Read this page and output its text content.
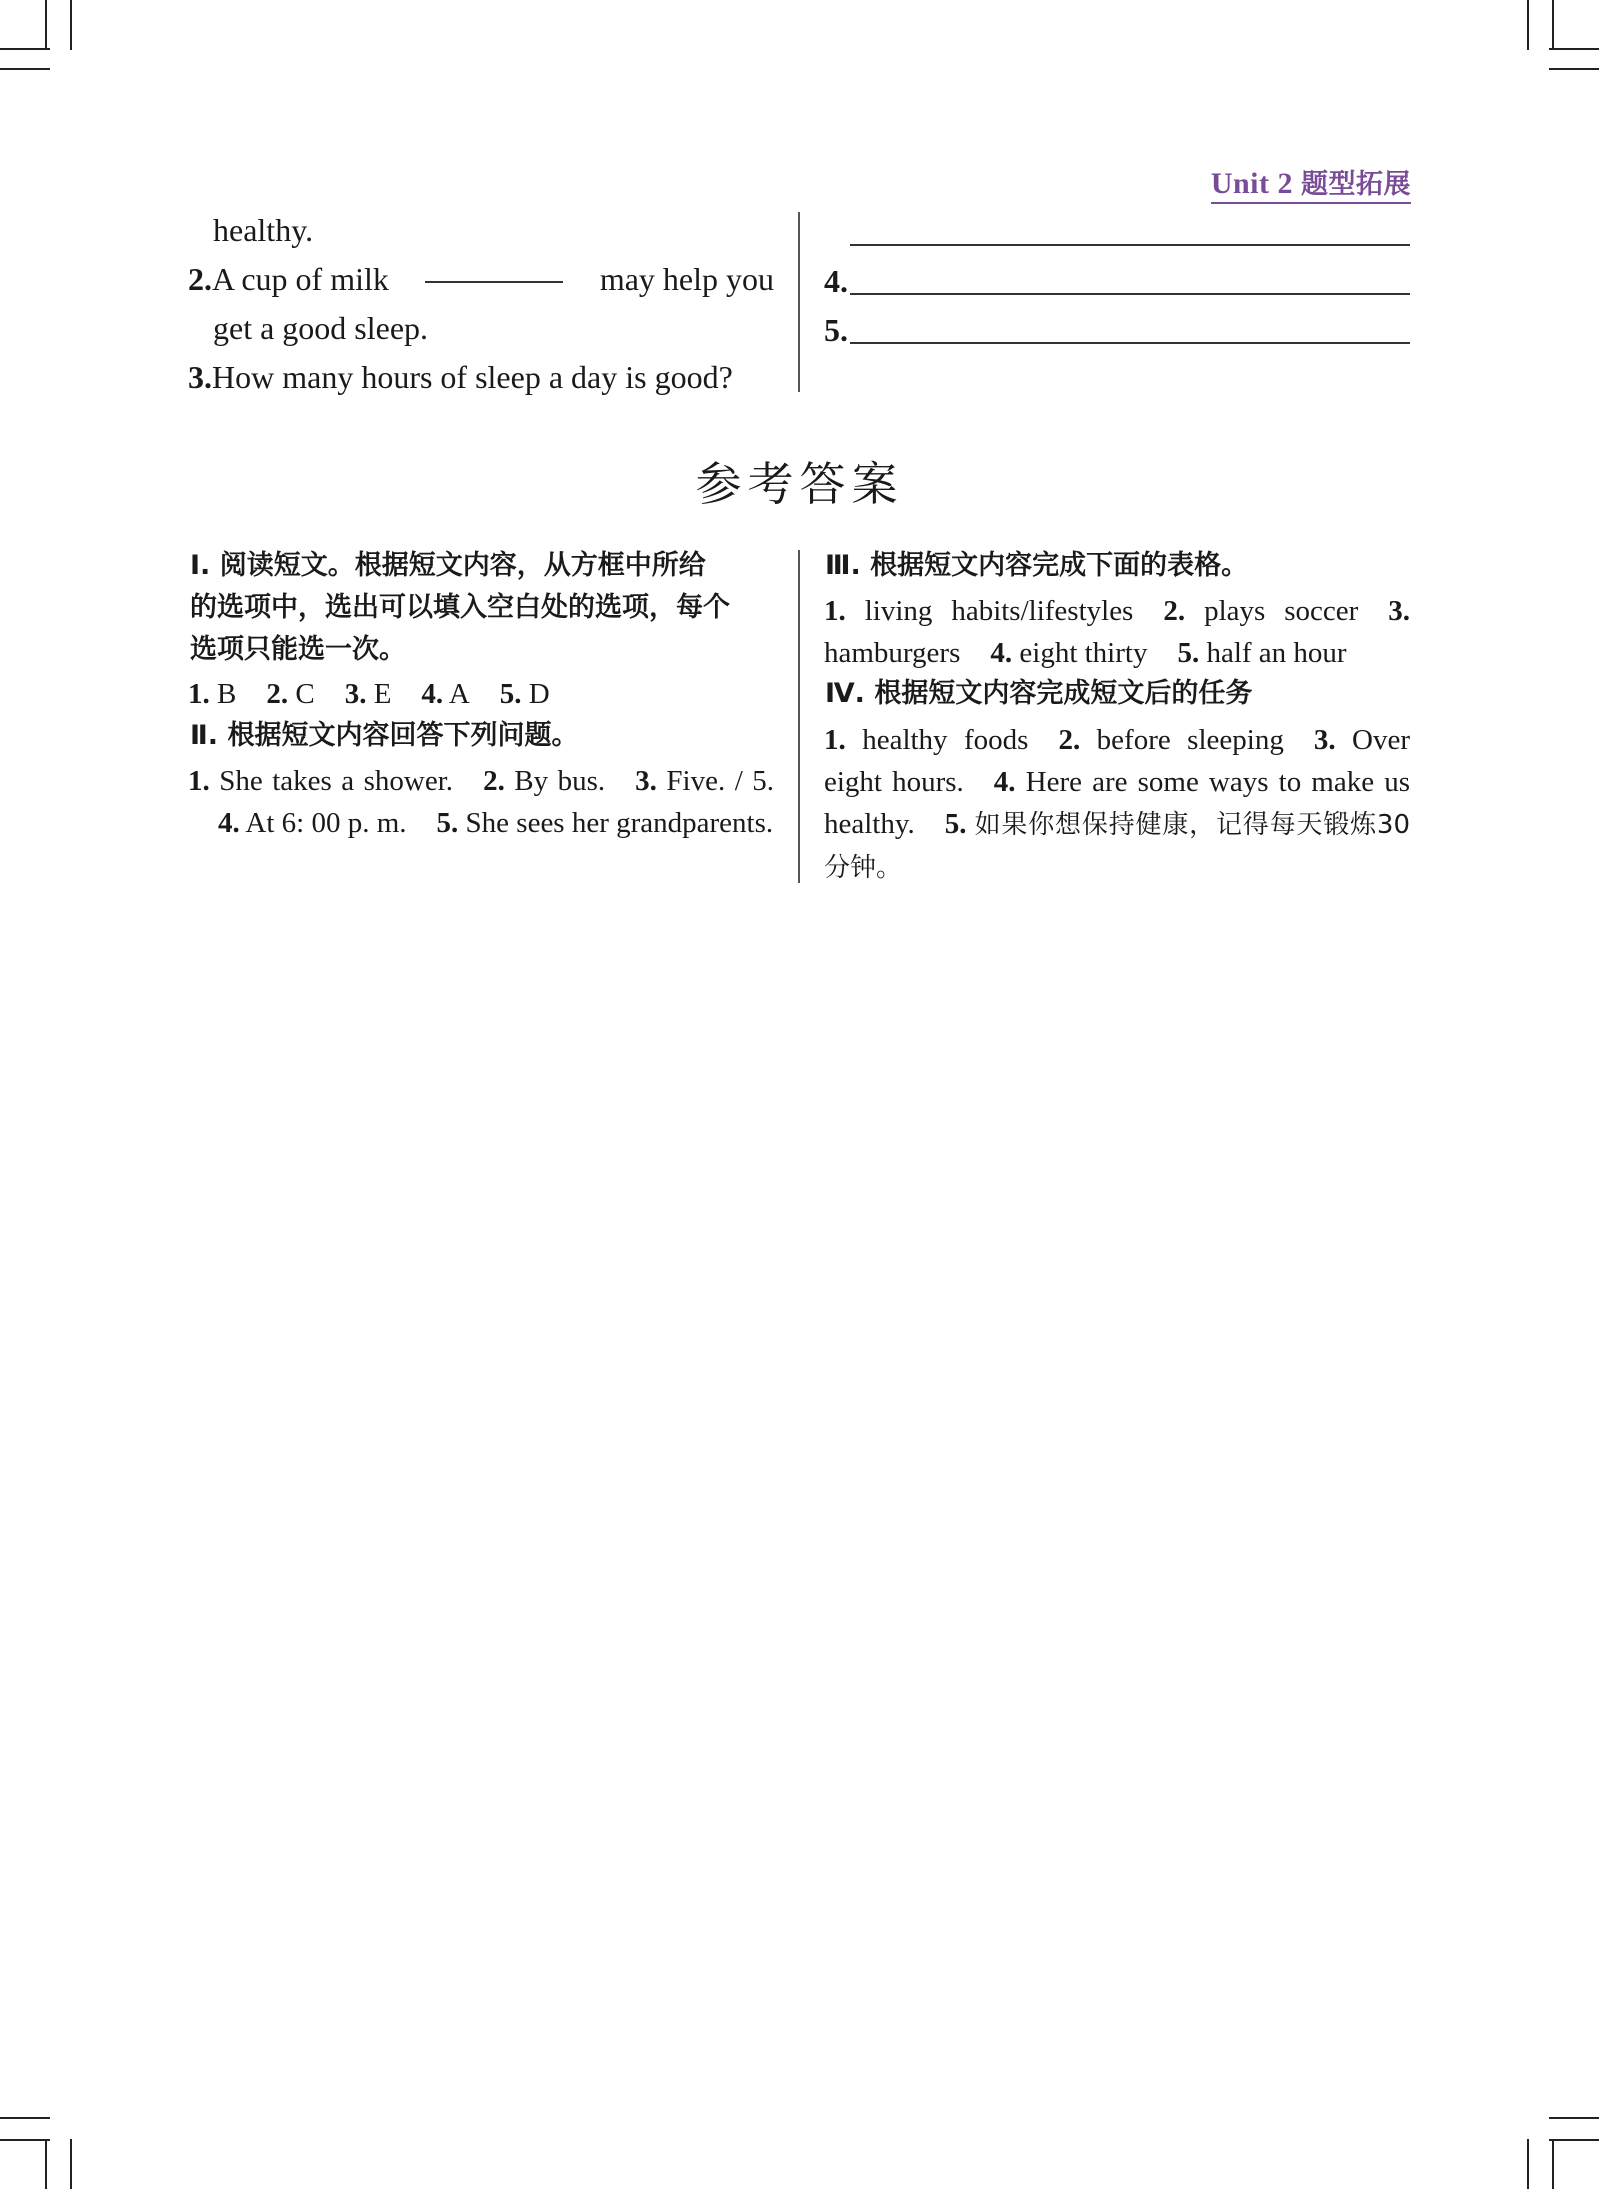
Unit 2 题型拓展
healthy.
2.A cup of milk	may help you
get a good sleep.
3.How many hours of sleep a day is good?
4.
5.
参考答案
Ⅰ. 阅读短文。根据短文内容，从方框中所给
的选项中，选出可以填入空白处的选项，每个
选项只能选一次。
1. B 2. C 3. E 4. A 5. D
Ⅱ. 根据短文内容回答下列问题。
1. She takes a shower. 2. By bus. 3. Five. / 5.4. At 6: 00 p. m. 5. She sees her grandparents.
Ⅲ. 根据短文内容完成下面的表格。
1. living habits/lifestyles 2. plays soccer 3. hamburgers 4. eight thirty 5. half an hour
Ⅳ. 根据短文内容完成短文后的任务
1. healthy foods 2. before sleeping 3. Over eight hours. 4. Here are some ways to make us healthy. 5. 如果你想保持健康，记得每天锻炼30分钟。
